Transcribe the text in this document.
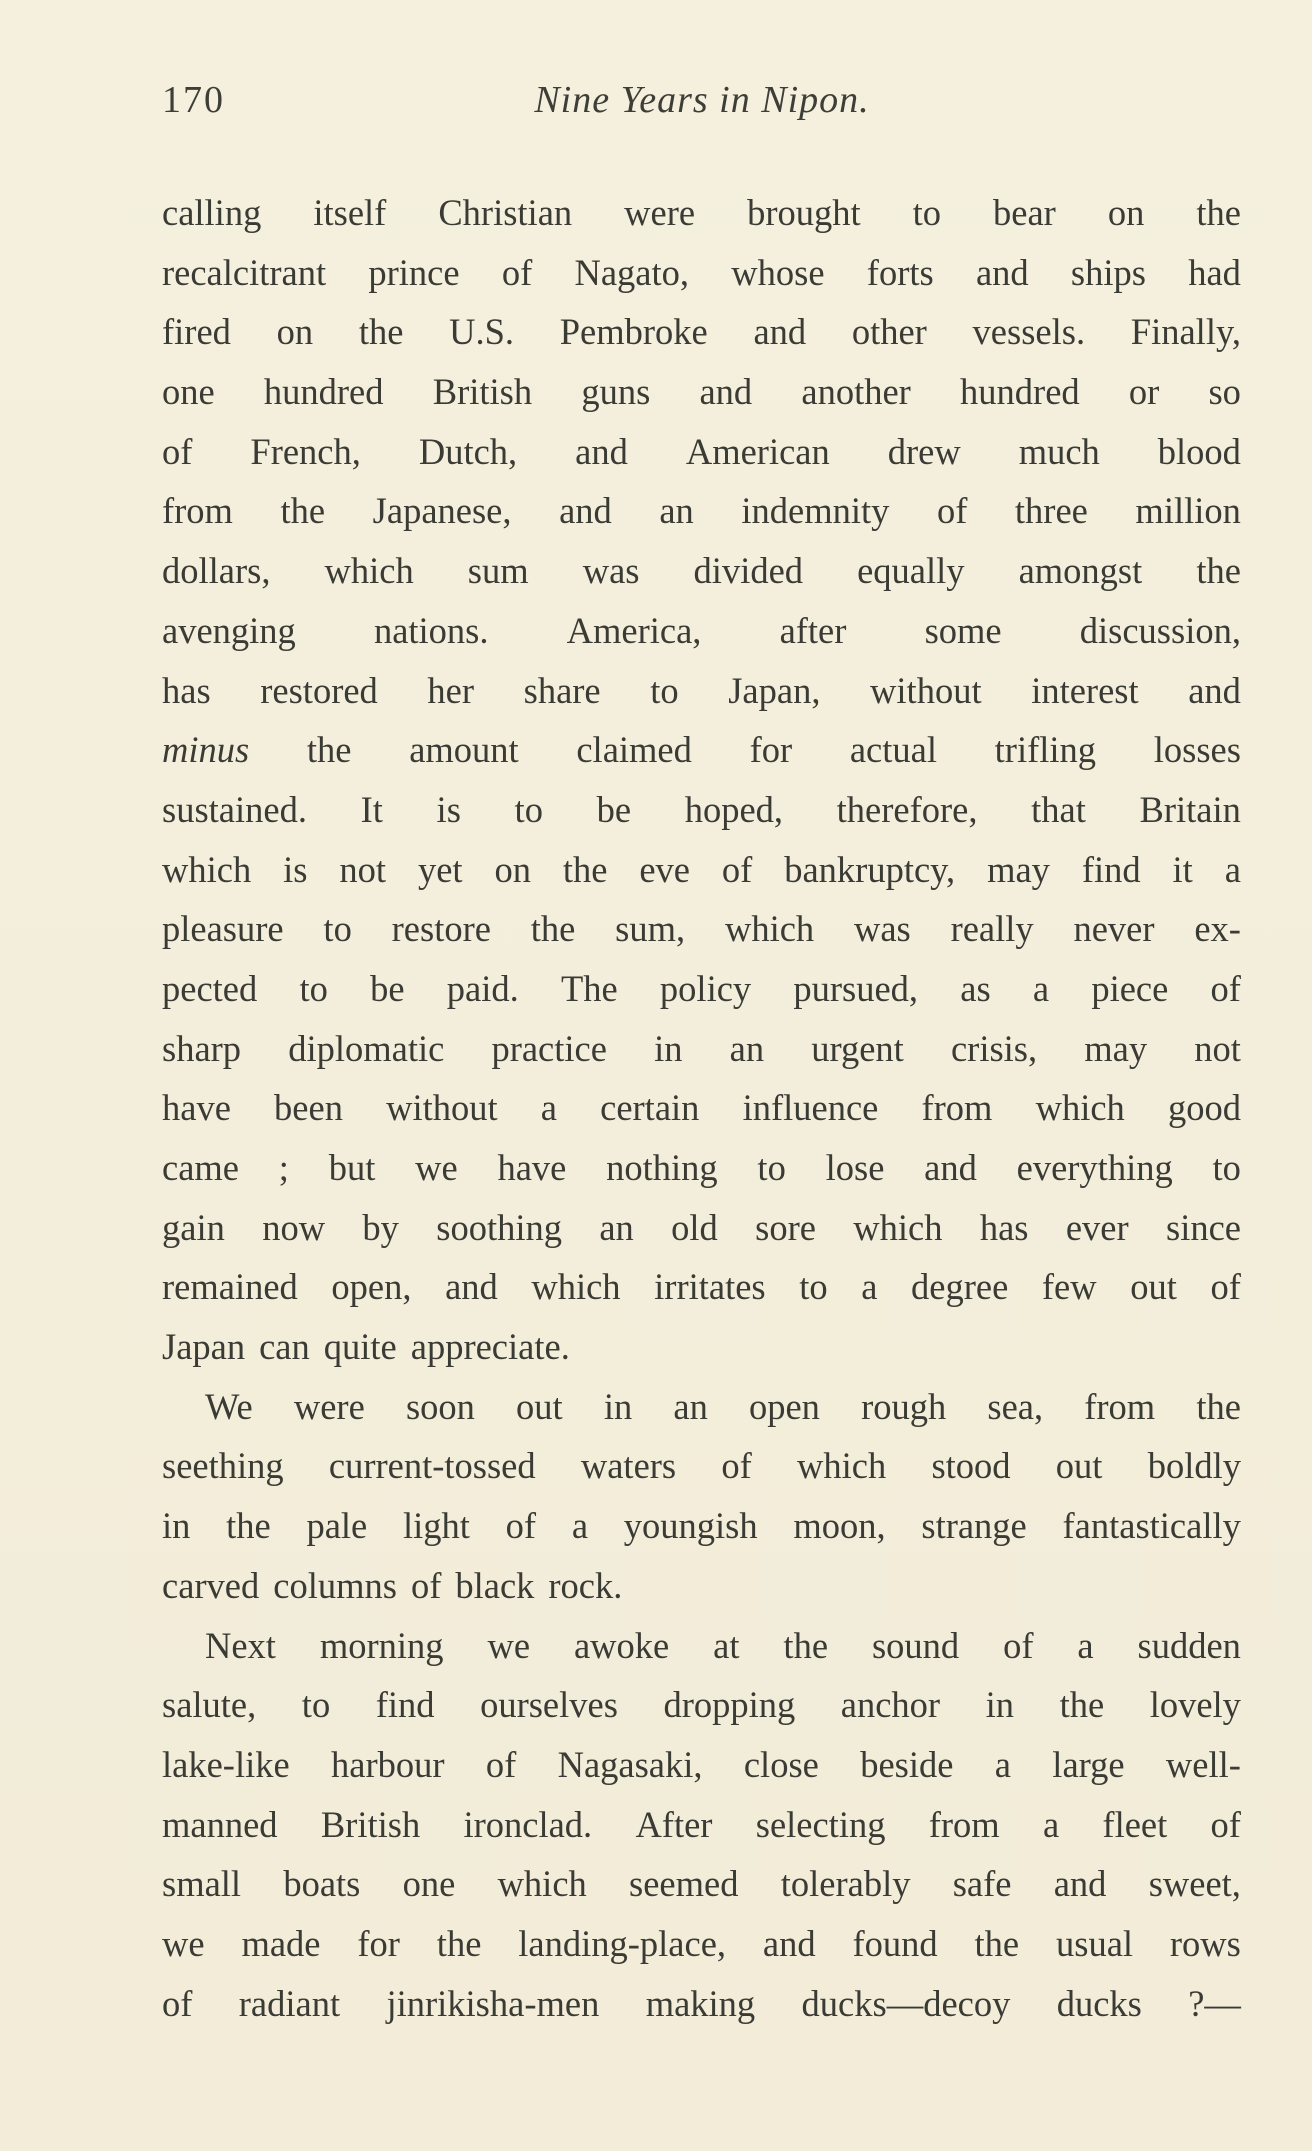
170	Nine Years in Nipon.
calling itself Christian were brought to bear on the
recalcitrant prince of Nagato, whose forts and ships had
fired on the U.S. Pembroke and other vessels. Finally,
one hundred British guns and another hundred or so
of French, Dutch, and American drew much blood
from the Japanese, and an indemnity of three million
dollars, which sum was divided equally amongst the
avenging nations. America, after some discussion,
has restored her share to Japan, without interest and
minus the amount claimed for actual trifling losses
sustained. It is to be hoped, therefore, that Britain
which is not yet on the eve of bankruptcy, may find it a
pleasure to restore the sum, which was really never ex-
pected to be paid. The policy pursued, as a piece of
sharp diplomatic practice in an urgent crisis, may not
have been without a certain influence from which good
came ; but we have nothing to lose and everything to
gain now by soothing an old sore which has ever since
remained open, and which irritates to a degree few out of
Japan can quite appreciate.
We were soon out in an open rough sea, from the
seething current-tossed waters of which stood out boldly
in the pale light of a youngish moon, strange fantastically
carved columns of black rock.
Next morning we awoke at the sound of a sudden
salute, to find ourselves dropping anchor in the lovely
lake-like harbour of Nagasaki, close beside a large well-
manned British ironclad. After selecting from a fleet of
small boats one which seemed tolerably safe and sweet,
we made for the landing-place, and found the usual rows
of radiant jinrikisha-men making ducks—decoy ducks ?—
